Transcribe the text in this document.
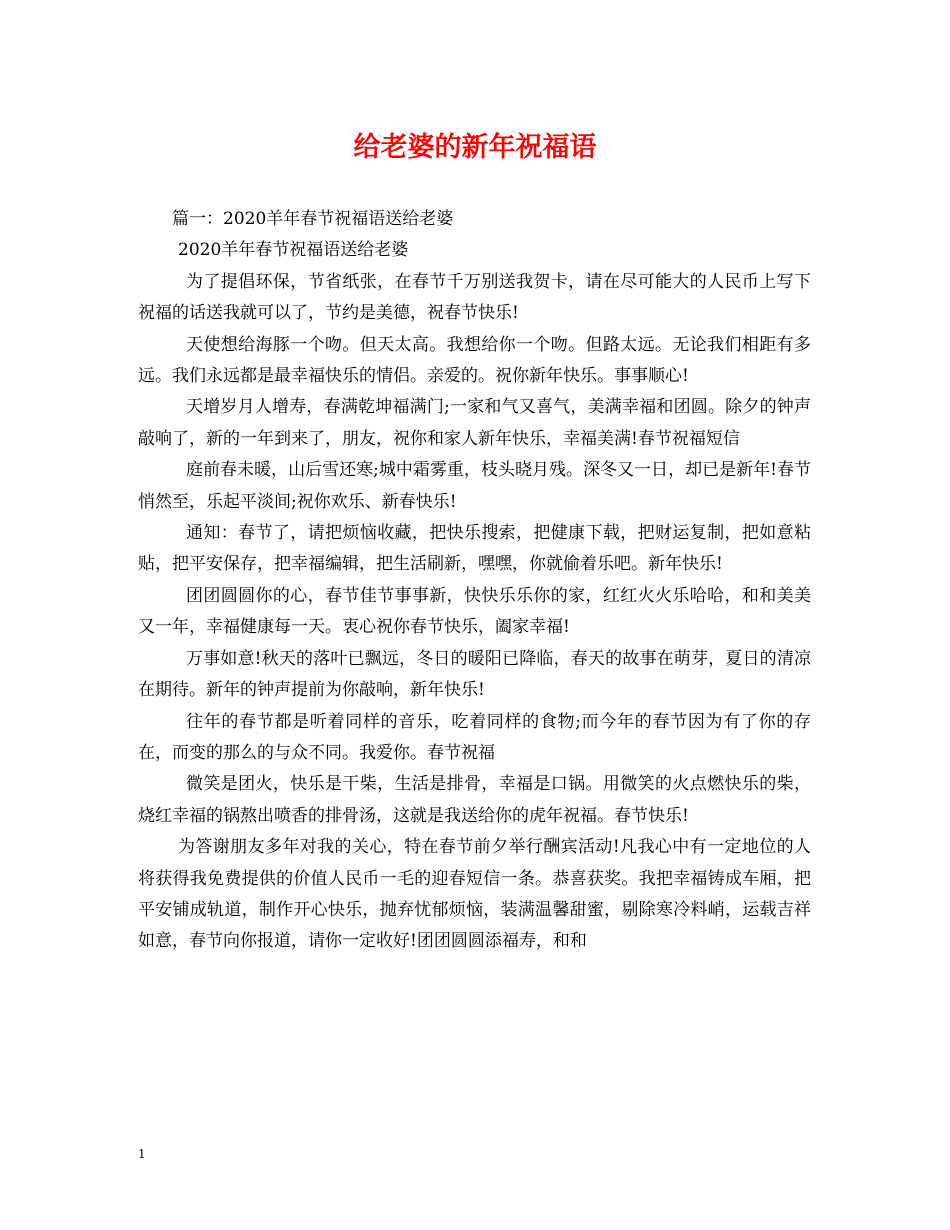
给老婆的新年祝福语

篇一：2020羊年春节祝福语送给老婆

2020羊年春节祝福语送给老婆

为了提倡环保，节省纸张，在春节千万别送我贺卡，请在尽可能大的人民币上写下祝福的话送我就可以了，节约是美德，祝春节快乐!

天使想给海豚一个吻。但天太高。我想给你一个吻。但路太远。无论我们相距有多远。我们永远都是最幸福快乐的情侣。亲爱的。祝你新年快乐。事事顺心!

天增岁月人增寿，春满乾坤福满门;一家和气又喜气，美满幸福和团圆。除夕的钟声敲响了，新的一年到来了，朋友，祝你和家人新年快乐，幸福美满!春节祝福短信

庭前春未暖，山后雪还寒;城中霜雾重，枝头晓月残。深冬又一日，却已是新年!春节悄然至，乐起平淡间;祝你欢乐、新春快乐!

通知：春节了，请把烦恼收藏，把快乐搜索，把健康下载，把财运复制，把如意粘贴，把平安保存，把幸福编辑，把生活刷新，嘿嘿，你就偷着乐吧。新年快乐!

团团圆圆你的心，春节佳节事事新，快快乐乐你的家，红红火火乐哈哈，和和美美又一年，幸福健康每一天。衷心祝你春节快乐，阖家幸福!

万事如意!秋天的落叶已飘远，冬日的暖阳已降临，春天的故事在萌芽，夏日的清凉在期待。新年的钟声提前为你敲响，新年快乐!

往年的春节都是听着同样的音乐，吃着同样的食物;而今年的春节因为有了你的存在，而变的那么的与众不同。我爱你。春节祝福

微笑是团火，快乐是干柴，生活是排骨，幸福是口锅。用微笑的火点燃快乐的柴，烧红幸福的锅熬出喷香的排骨汤，这就是我送给你的虎年祝福。春节快乐!

为答谢朋友多年对我的关心，特在春节前夕举行酬宾活动!凡我心中有一定地位的人将获得我免费提供的价值人民币一毛的迎春短信一条。恭喜获奖。我把幸福铸成车厢，把平安铺成轨道，制作开心快乐，抛弃忧郁烦恼，装满温馨甜蜜，剔除寒冷料峭，运载吉祥如意，春节向你报道，请你一定收好!团团圆圆添福寿，和和

1
